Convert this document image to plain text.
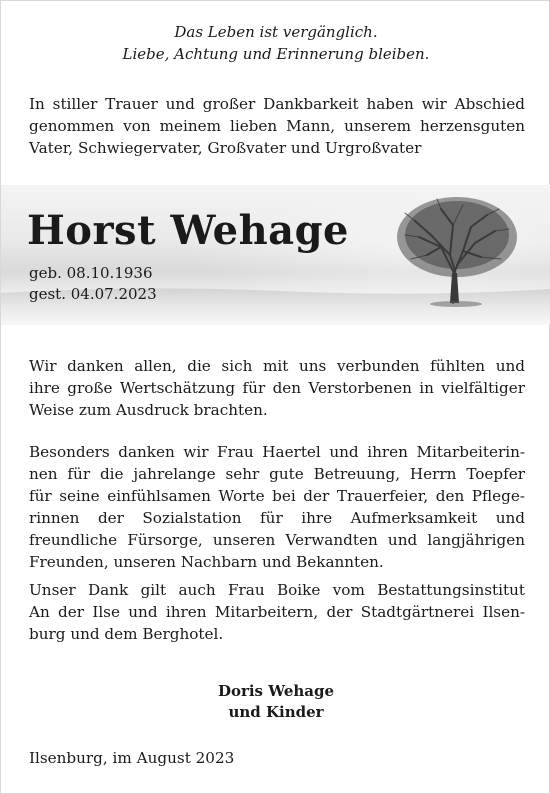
Das Leben ist vergänglich.
Liebe, Achtung und Erinnerung bleiben.
In stiller Trauer und großer Dankbarkeit haben wir Abschied
genommen von meinem lieben Mann, unserem herzensguten
Vater, Schwiegervater, Großvater und Urgroßvater
Horst Wehage
geb. 08.10.1936
gest. 04.07.2023
Wir danken allen, die sich mit uns verbunden fühlten und
ihre große Wertschätzung für den Verstorbenen in vielfältiger
Weise zum Ausdruck brachten.
Besonders danken wir Frau Haertel und ihren Mitarbeiterin-
nen für die jahrelange sehr gute Betreuung, Herrn Toepfer
für seine einfühlsamen Worte bei der Trauerfeier, den Pflege-
rinnen der Sozialstation für ihre Aufmerksamkeit und
freundliche Fürsorge, unseren Verwandten und langjährigen
Freunden, unseren Nachbarn und Bekannten.
Unser Dank gilt auch Frau Boike vom Bestattungsinstitut
An der Ilse und ihren Mitarbeitern, der Stadtgärtnerei Ilsen-
burg und dem Berghotel.
Doris Wehage
und Kinder
Ilsenburg, im August 2023
